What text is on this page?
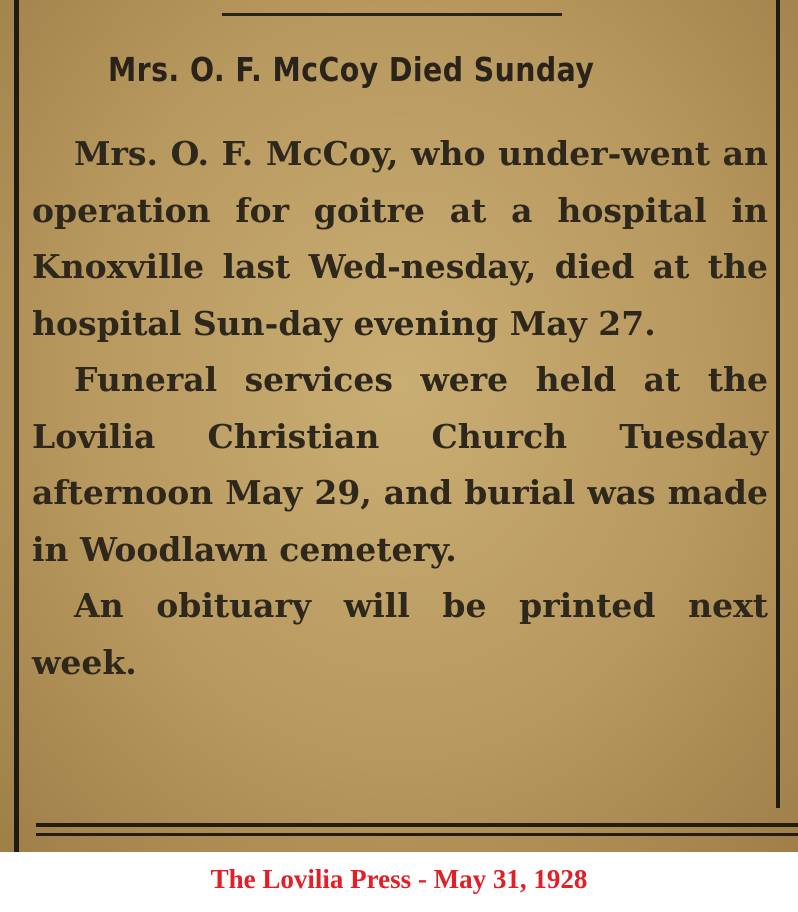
Mrs. O. F. McCoy Died Sunday

Mrs. O. F. McCoy, who under-went an operation for goitre at a hospital in Knoxville last Wed-nesday, died at the hospital Sun-day evening May 27.

Funeral services were held at the Lovilia Christian Church Tuesday afternoon May 29, and burial was made in Woodlawn cemetery.

An obituary will be printed next week.

The Lovilia Press - May 31, 1928
